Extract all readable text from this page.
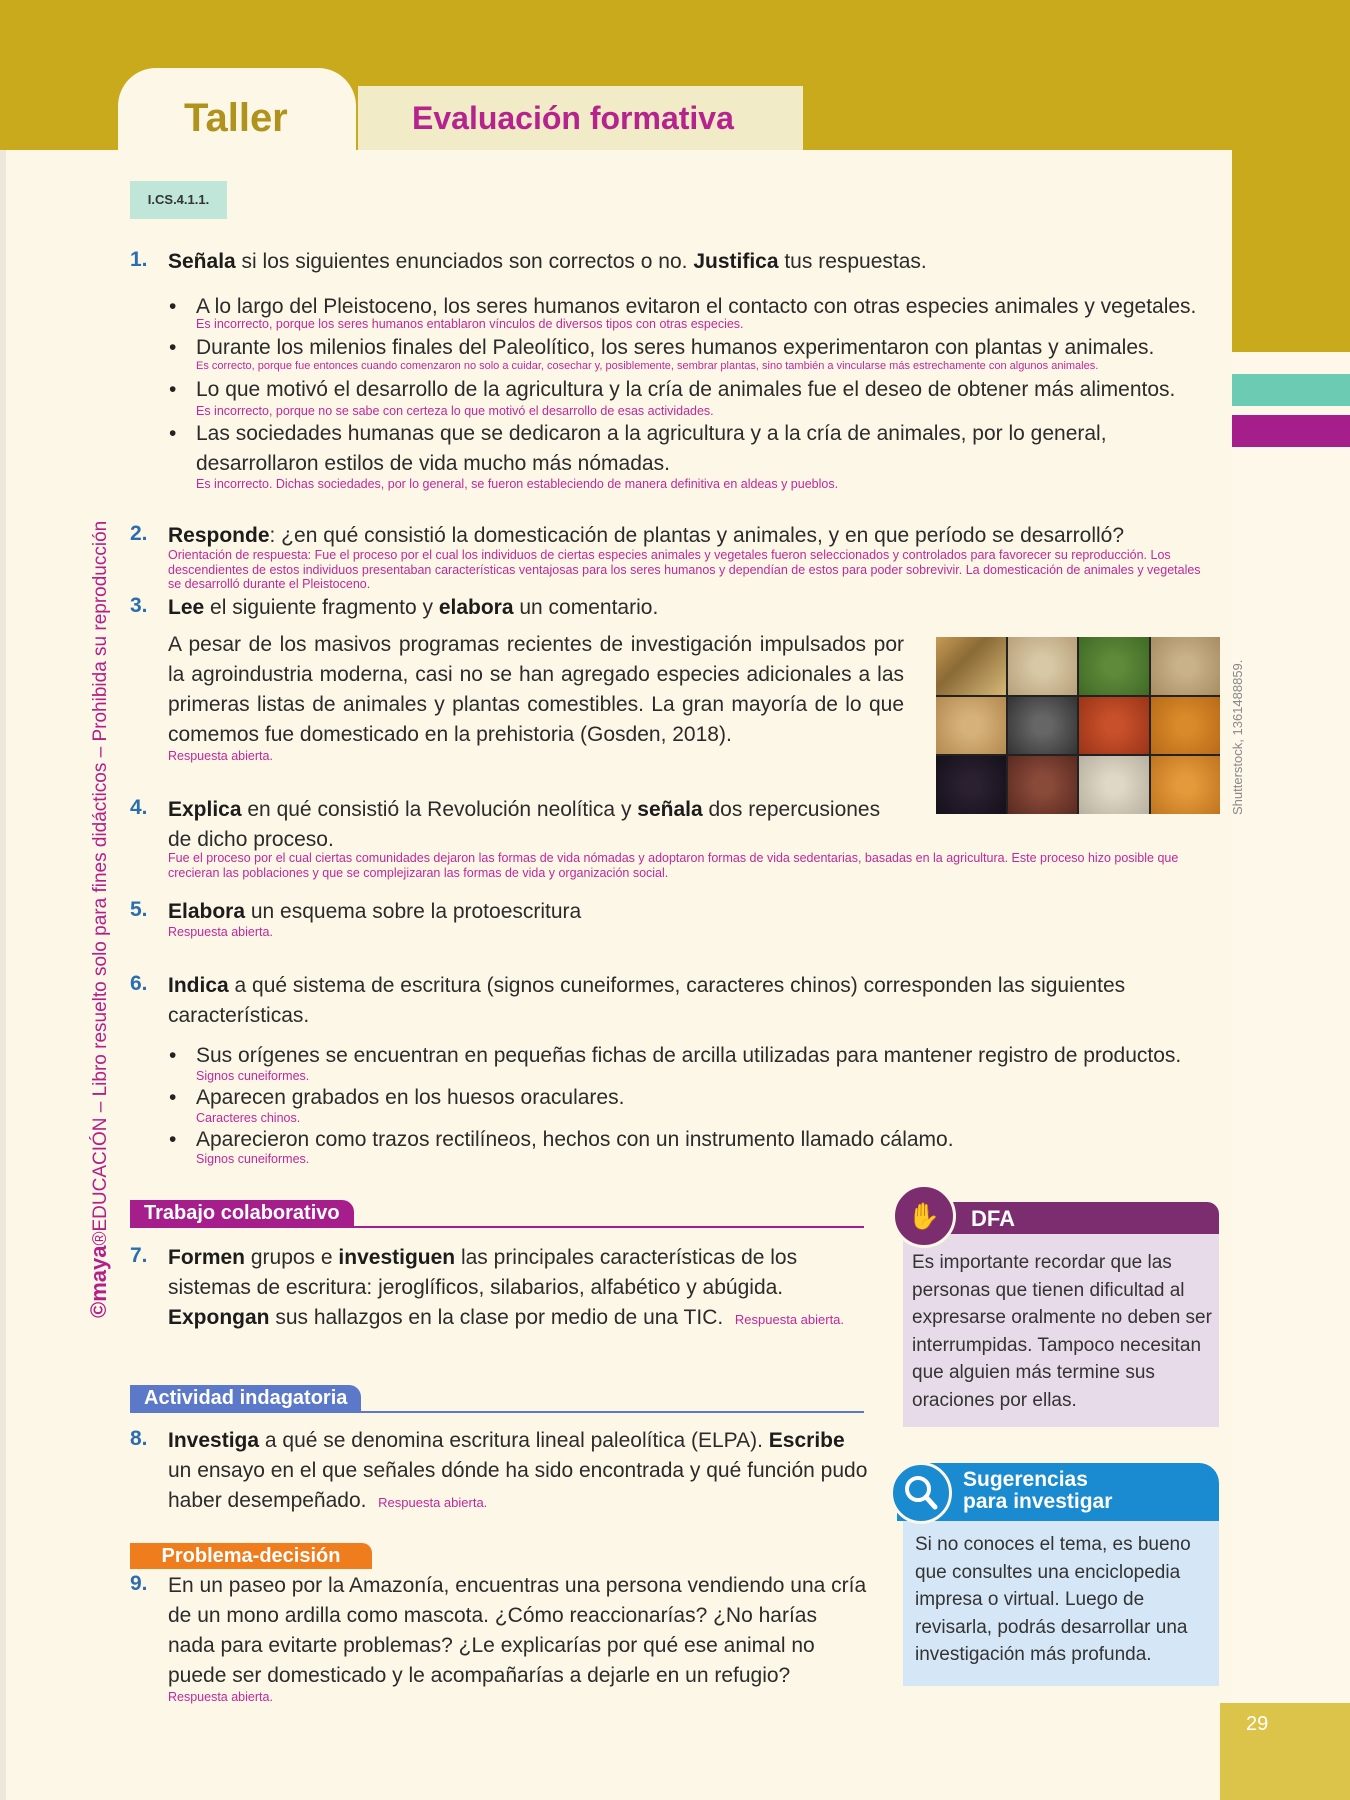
Taller	Evaluación formativa
I.CS.4.1.1.
©maya®EDUCACIÓN – Libro resuelto solo para fines didácticos – Prohibida su reproducción
1. Señala si los siguientes enunciados son correctos o no. Justifica tus respuestas.
• A lo largo del Pleistoceno, los seres humanos evitaron el contacto con otras especies animales y vegetales.
Es incorrecto, porque los seres humanos entablaron vínculos de diversos tipos con otras especies.
• Durante los milenios finales del Paleolítico, los seres humanos experimentaron con plantas y animales.
Es correcto, porque fue entonces cuando comenzaron no solo a cuidar, cosechar y, posiblemente, sembrar plantas, sino también a vincularse más estrechamente con algunos animales.
• Lo que motivó el desarrollo de la agricultura y la cría de animales fue el deseo de obtener más alimentos.
Es incorrecto, porque no se sabe con certeza lo que motivó el desarrollo de esas actividades.
• Las sociedades humanas que se dedicaron a la agricultura y a la cría de animales, por lo general, desarrollaron estilos de vida mucho más nómadas.
Es incorrecto. Dichas sociedades, por lo general, se fueron estableciendo de manera definitiva en aldeas y pueblos.
2. Responde: ¿en qué consistió la domesticación de plantas y animales, y en que período se desarrolló?
Orientación de respuesta: Fue el proceso por el cual los individuos de ciertas especies animales y vegetales fueron seleccionados y controlados para favorecer su reproducción. Los descendientes de estos individuos presentaban características ventajosas para los seres humanos y dependían de estos para poder sobrevivir. La domesticación de animales y vegetales se desarrolló durante el Pleistoceno.
3. Lee el siguiente fragmento y elabora un comentario.
A pesar de los masivos programas recientes de investigación impulsados por la agroindustria moderna, casi no se han agregado especies adicionales a las primeras listas de animales y plantas comestibles. La gran mayoría de lo que comemos fue domesticado en la prehistoria (Gosden, 2018).
Respuesta abierta.	Shutterstock, 1361488859.
4. Explica en qué consistió la Revolución neolítica y señala dos repercusiones de dicho proceso.
Fue el proceso por el cual ciertas comunidades dejaron las formas de vida nómadas y adoptaron formas de vida sedentarias, basadas en la agricultura. Este proceso hizo posible que crecieran las poblaciones y que se complejizaran las formas de vida y organización social.
5. Elabora un esquema sobre la protoescritura
Respuesta abierta.
6. Indica a qué sistema de escritura (signos cuneiformes, caracteres chinos) corresponden las siguientes características.
• Sus orígenes se encuentran en pequeñas fichas de arcilla utilizadas para mantener registro de productos.
Signos cuneiformes.
• Aparecen grabados en los huesos oraculares.
Caracteres chinos.
• Aparecieron como trazos rectilíneos, hechos con un instrumento llamado cálamo.
Signos cuneiformes.
Trabajo colaborativo
7. Formen grupos e investiguen las principales características de los sistemas de escritura: jeroglíficos, silabarios, alfabético y abúgida. Expongan sus hallazgos en la clase por medio de una TIC. Respuesta abierta.
Actividad indagatoria
8. Investiga a qué se denomina escritura lineal paleolítica (ELPA). Escribe un ensayo en el que señales dónde ha sido encontrada y qué función pudo haber desempeñado. Respuesta abierta.
Problema-decisión
9. En un paseo por la Amazonía, encuentras una persona vendiendo una cría de un mono ardilla como mascota. ¿Cómo reaccionarías? ¿No harías nada para evitarte problemas? ¿Le explicarías por qué ese animal no puede ser domesticado y le acompañarías a dejarle en un refugio?
Respuesta abierta.
DFA
✋
Es importante recordar que las personas que tienen dificultad al expresarse oralmente no deben ser interrumpidas. Tampoco necesitan que alguien más termine sus oraciones por ellas.
Sugerencias
para investigar
Si no conoces el tema, es bueno que consultes una enciclopedia impresa o virtual. Luego de revisarla, podrás desarrollar una investigación más profunda.
29
